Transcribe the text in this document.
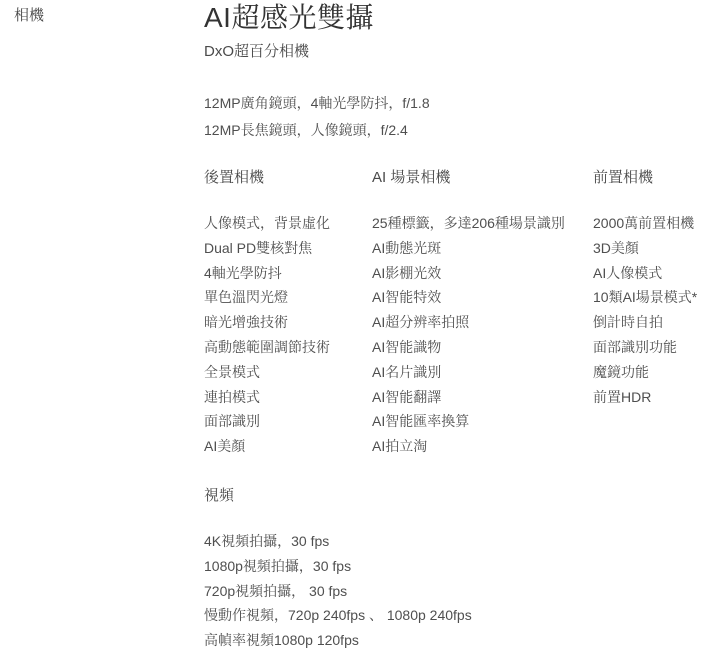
相機	AI超感光雙攝
DxO超百分相機
12MP廣角鏡頭，4軸光學防抖，f/1.8
12MP長焦鏡頭，人像鏡頭，f/2.4
後置相機
人像模式，背景虛化
Dual PD雙核對焦
4軸光學防抖
單色溫閃光燈
暗光增強技術
高動態範圍調節技術
全景模式
連拍模式
面部識別
AI美顏
AI 場景相機
25種標籤，多達206種場景識別
AI動態光斑
AI影棚光效
AI智能特效
AI超分辨率拍照
AI智能識物
AI名片識別
AI智能翻譯
AI智能匯率換算
AI拍立淘
前置相機
2000萬前置相機
3D美顏
AI人像模式
10類AI場景模式*
倒計時自拍
面部識別功能
魔鏡功能
前置HDR
視頻
4K視頻拍攝，30 fps
1080p視頻拍攝，30 fps
720p視頻拍攝， 30 fps
慢動作視頻，720p 240fps 、 1080p 240fps
高幀率視頻1080p 120fps
